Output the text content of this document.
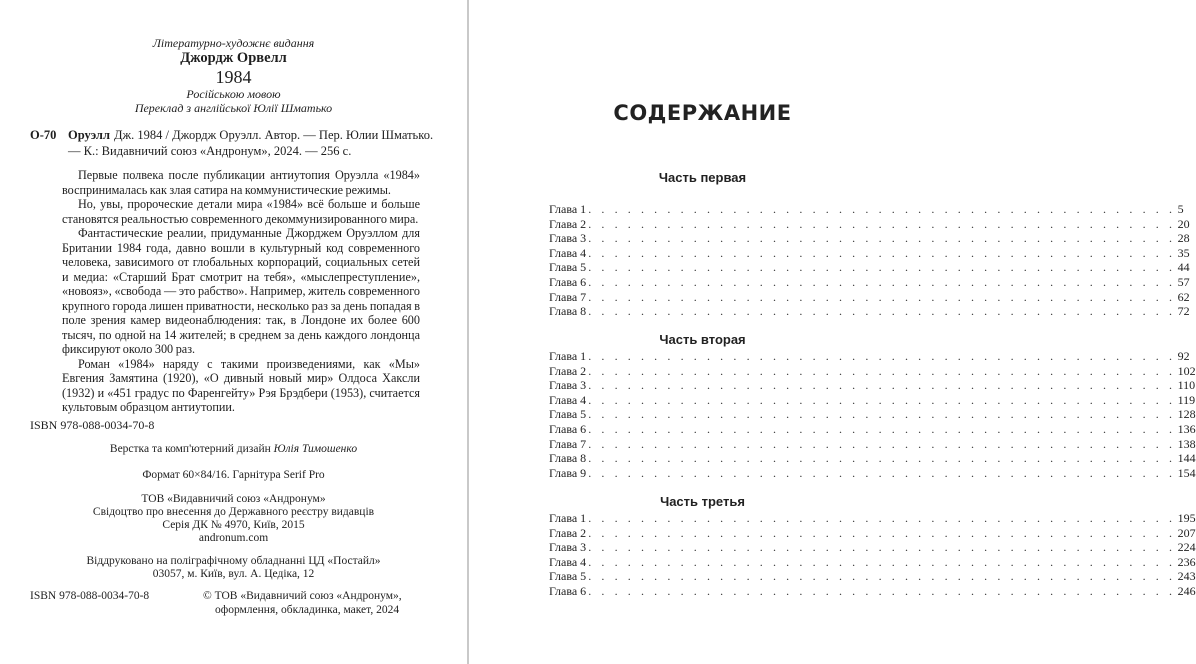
Літературно-художнє видання
Джордж Орвелл
1984
Російською мовою
Переклад з англійської Юлії Шматько
О-70 Оруэлл Дж. 1984 / Джордж Оруэлл. Автор. — Пер. Юлии Шматько.
— К.: Видавничий союз «Андронум», 2024. — 256 с.

Первые полвека после публикации антиутопия Оруэлла «1984» воспринималась как злая сатира на коммунистические режимы.

Но, увы, пророческие детали мира «1984» всё больше и больше становятся реальностью современного декоммунизированного мира.

Фантастические реалии, придуманные Джорджем Оруэллом для Британии 1984 года, давно вошли в культурный код современного человека, зависимого от глобальных корпораций, социальных сетей и медиа: «Старший Брат смотрит на тебя», «мыслепреступление», «новояз», «свобода — это рабство». Например, житель современного крупного города лишен приватности, несколько раз за день попадая в поле зрения камер видеонаблюдения: так, в Лондоне их более 600 тысяч, по одной на 14 жителей; в среднем за день каждого лондонца фиксируют около 300 раз.

Роман «1984» наряду с такими произведениями, как «Мы» Евгения Замятина (1920), «О дивный новый мир» Олдоса Хаксли (1932) и «451 градус по Фаренгейту» Рэя Брэдбери (1953), считается культовым образцом антиутопии.

ISBN 978-088-0034-70-8
Верстка та комп'ютерний дизайн Юлія Тимошенко
Формат 60×84/16. Гарнітура Serif Pro
ТОВ «Видавничий союз «Андронум»
Свідоцтво про внесення до Державного реєстру видавців
Серія ДК № 4970, Київ, 2015
andronum.com
Віддруковано на поліграфічному обладнанні ЦД «Постайл»
03057, м. Київ, вул. А. Цедіка, 12
ISBN 978-088-0034-70-8	© ТОВ «Видавничий союз «Андронум»,
оформлення, обкладинка, макет, 2024
СОДЕРЖАНИЕ
Часть первая
Глава 1 . . . . . . . . . . . . . . . . . . . . . . . . . . . . . . . . . . . . . . . . . . . . . 5
Глава 2 . . . . . . . . . . . . . . . . . . . . . . . . . . . . . . . . . . . . . . . . . . . . . 20
Глава 3 . . . . . . . . . . . . . . . . . . . . . . . . . . . . . . . . . . . . . . . . . . . . . 28
Глава 4 . . . . . . . . . . . . . . . . . . . . . . . . . . . . . . . . . . . . . . . . . . . . . 35
Глава 5 . . . . . . . . . . . . . . . . . . . . . . . . . . . . . . . . . . . . . . . . . . . . . 44
Глава 6 . . . . . . . . . . . . . . . . . . . . . . . . . . . . . . . . . . . . . . . . . . . . . 57
Глава 7 . . . . . . . . . . . . . . . . . . . . . . . . . . . . . . . . . . . . . . . . . . . . . 62
Глава 8 . . . . . . . . . . . . . . . . . . . . . . . . . . . . . . . . . . . . . . . . . . . . . 72
Часть вторая
Глава 1 . . . . . . . . . . . . . . . . . . . . . . . . . . . . . . . . . . . . . . . . . . . . . 92
Глава 2 . . . . . . . . . . . . . . . . . . . . . . . . . . . . . . . . . . . . . . . . . . . . . 102
Глава 3 . . . . . . . . . . . . . . . . . . . . . . . . . . . . . . . . . . . . . . . . . . . . . 110
Глава 4 . . . . . . . . . . . . . . . . . . . . . . . . . . . . . . . . . . . . . . . . . . . . . 119
Глава 5 . . . . . . . . . . . . . . . . . . . . . . . . . . . . . . . . . . . . . . . . . . . . . 128
Глава 6 . . . . . . . . . . . . . . . . . . . . . . . . . . . . . . . . . . . . . . . . . . . . . 136
Глава 7 . . . . . . . . . . . . . . . . . . . . . . . . . . . . . . . . . . . . . . . . . . . . . 138
Глава 8 . . . . . . . . . . . . . . . . . . . . . . . . . . . . . . . . . . . . . . . . . . . . . 144
Глава 9 . . . . . . . . . . . . . . . . . . . . . . . . . . . . . . . . . . . . . . . . . . . . . 154
Часть третья
Глава 1 . . . . . . . . . . . . . . . . . . . . . . . . . . . . . . . . . . . . . . . . . . . . . 195
Глава 2 . . . . . . . . . . . . . . . . . . . . . . . . . . . . . . . . . . . . . . . . . . . . . 207
Глава 3 . . . . . . . . . . . . . . . . . . . . . . . . . . . . . . . . . . . . . . . . . . . . . 224
Глава 4 . . . . . . . . . . . . . . . . . . . . . . . . . . . . . . . . . . . . . . . . . . . . . 236
Глава 5 . . . . . . . . . . . . . . . . . . . . . . . . . . . . . . . . . . . . . . . . . . . . . 243
Глава 6 . . . . . . . . . . . . . . . . . . . . . . . . . . . . . . . . . . . . . . . . . . . . . 246
